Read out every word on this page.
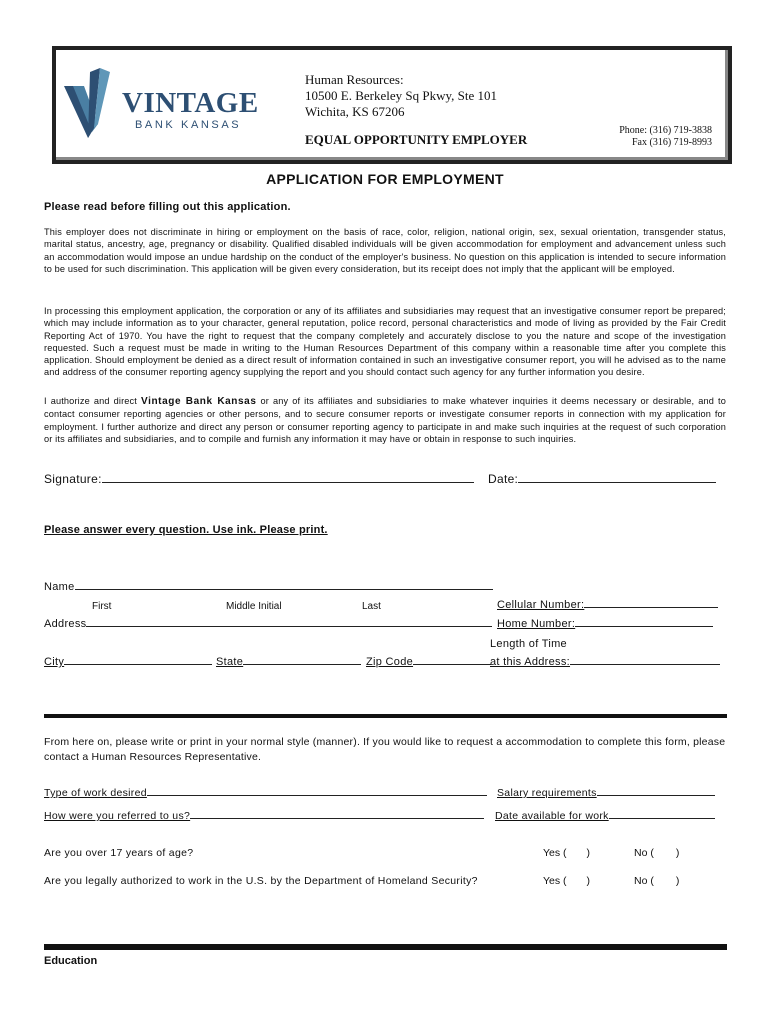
VINTAGE
BANK KANSAS
Human Resources:
10500 E. Berkeley Sq Pkwy, Ste 101
Wichita, KS 67206
EQUAL OPPORTUNITY EMPLOYER
Phone: (316) 719-3838
Fax (316) 719-8993
APPLICATION FOR EMPLOYMENT
Please read before filling out this application.
This employer does not discriminate in hiring or employment on the basis of race, color, religion, national origin, sex, sexual orientation, transgender status, marital status, ancestry, age, pregnancy or disability. Qualified disabled individuals will be given accommodation for employment and advancement unless such an accommodation would impose an undue hardship on the conduct of the employer's business. No question on this application is intended to secure information to be used for such discrimination. This application will be given every consideration, but its receipt does not imply that the applicant will be employed.
In processing this employment application, the corporation or any of its affiliates and subsidiaries may request that an investigative consumer report be prepared; which may include information as to your character, general reputation, police record, personal characteristics and mode of living as provided by the Fair Credit Reporting Act of 1970. You have the right to request that the company completely and accurately disclose to you the nature and scope of the investigation requested. Such a request must be made in writing to the Human Resources Department of this company within a reasonable time after you complete this application. Should employment be denied as a direct result of information contained in such an investigative consumer report, you will he advised as to the name and address of the consumer reporting agency supplying the report and you should contact such agency for any further information you desire.
I authorize and direct Vintage Bank Kansas or any of its affiliates and subsidiaries to make whatever inquiries it deems necessary or desirable, and to contact consumer reporting agencies or other persons, and to secure consumer reports or investigate consumer reports in connection with my application for employment. I further authorize and direct any person or consumer reporting agency to participate in and make such inquiries at the request of such corporation or its affiliates and subsidiaries, and to compile and furnish any information it may have or obtain in response to such inquiries.
Signature:	Date:
Please answer every question. Use ink. Please print.
Name
First	Middle Initial	Last	Cellular Number:
Address	Home Number:
Length of Time
City	State	Zip Code	at this Address:
From here on, please write or print in your normal style (manner). If you would like to request a accommodation to complete this form, please contact a Human Resources Representative.
Type of work desired	Salary requirements
How were you referred to us?	Date available for work
Are you over 17 years of age?	Yes ( )	No ( )
Are you legally authorized to work in the U.S. by the Department of Homeland Security?	Yes ( )	No ( )
Education
